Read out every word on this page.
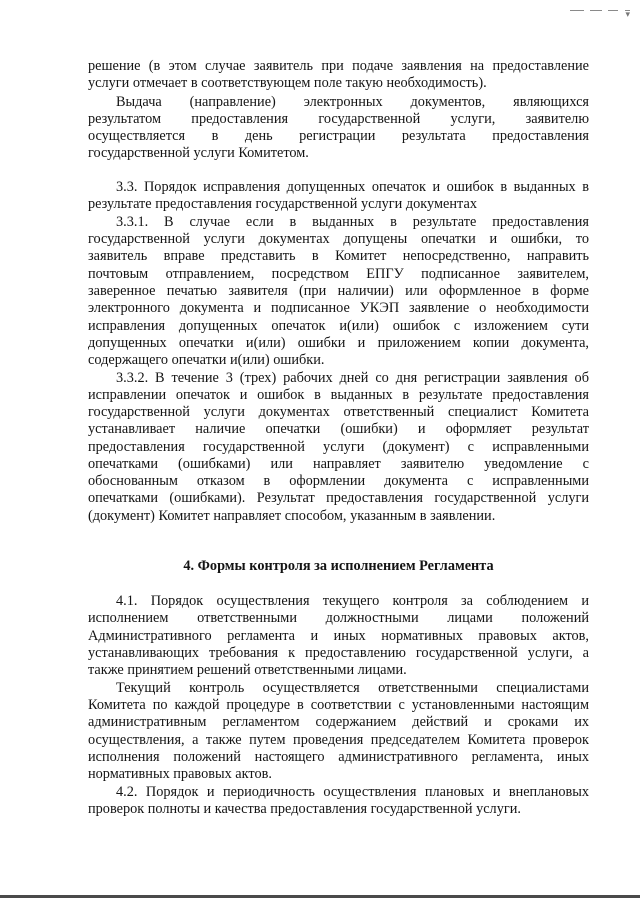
▾
решение (в этом случае заявитель при подаче заявления на предоставление
услуги отмечает в соответствующем поле такую необходимость).
Выдача (направление) электронных документов, являющихся
результатом предоставления государственной услуги, заявителю
осуществляется в день регистрации результата предоставления
государственной услуги Комитетом.
3.3. Порядок исправления допущенных опечаток и ошибок в выданных в
результате предоставления государственной услуги документах
3.3.1. В случае если в выданных в результате предоставления
государственной услуги документах допущены опечатки и ошибки, то
заявитель вправе представить в Комитет непосредственно, направить
почтовым отправлением, посредством ЕПГУ подписанное заявителем,
заверенное печатью заявителя (при наличии) или оформленное в форме
электронного документа и подписанное УКЭП заявление о необходимости
исправления допущенных опечаток и(или) ошибок с изложением сути
допущенных опечатки и(или) ошибки и приложением копии документа,
содержащего опечатки и(или) ошибки.
3.3.2. В течение 3 (трех) рабочих дней со дня регистрации заявления об
исправлении опечаток и ошибок в выданных в результате предоставления
государственной услуги документах ответственный специалист Комитета
устанавливает наличие опечатки (ошибки) и оформляет результат
предоставления государственной услуги (документ) с исправленными
опечатками (ошибками) или направляет заявителю уведомление с
обоснованным отказом в оформлении документа с исправленными
опечатками (ошибками). Результат предоставления государственной услуги
(документ) Комитет направляет способом, указанным в заявлении.
4. Формы контроля за исполнением Регламента
4.1. Порядок осуществления текущего контроля за соблюдением и
исполнением ответственными должностными лицами положений
Административного регламента и иных нормативных правовых актов,
устанавливающих требования к предоставлению государственной услуги, а
также принятием решений ответственными лицами.
Текущий контроль осуществляется ответственными специалистами
Комитета по каждой процедуре в соответствии с установленными настоящим
административным регламентом содержанием действий и сроками их
осуществления, а также путем проведения председателем Комитета проверок
исполнения положений настоящего административного регламента, иных
нормативных правовых актов.
4.2. Порядок и периодичность осуществления плановых и внеплановых
проверок полноты и качества предоставления государственной услуги.
